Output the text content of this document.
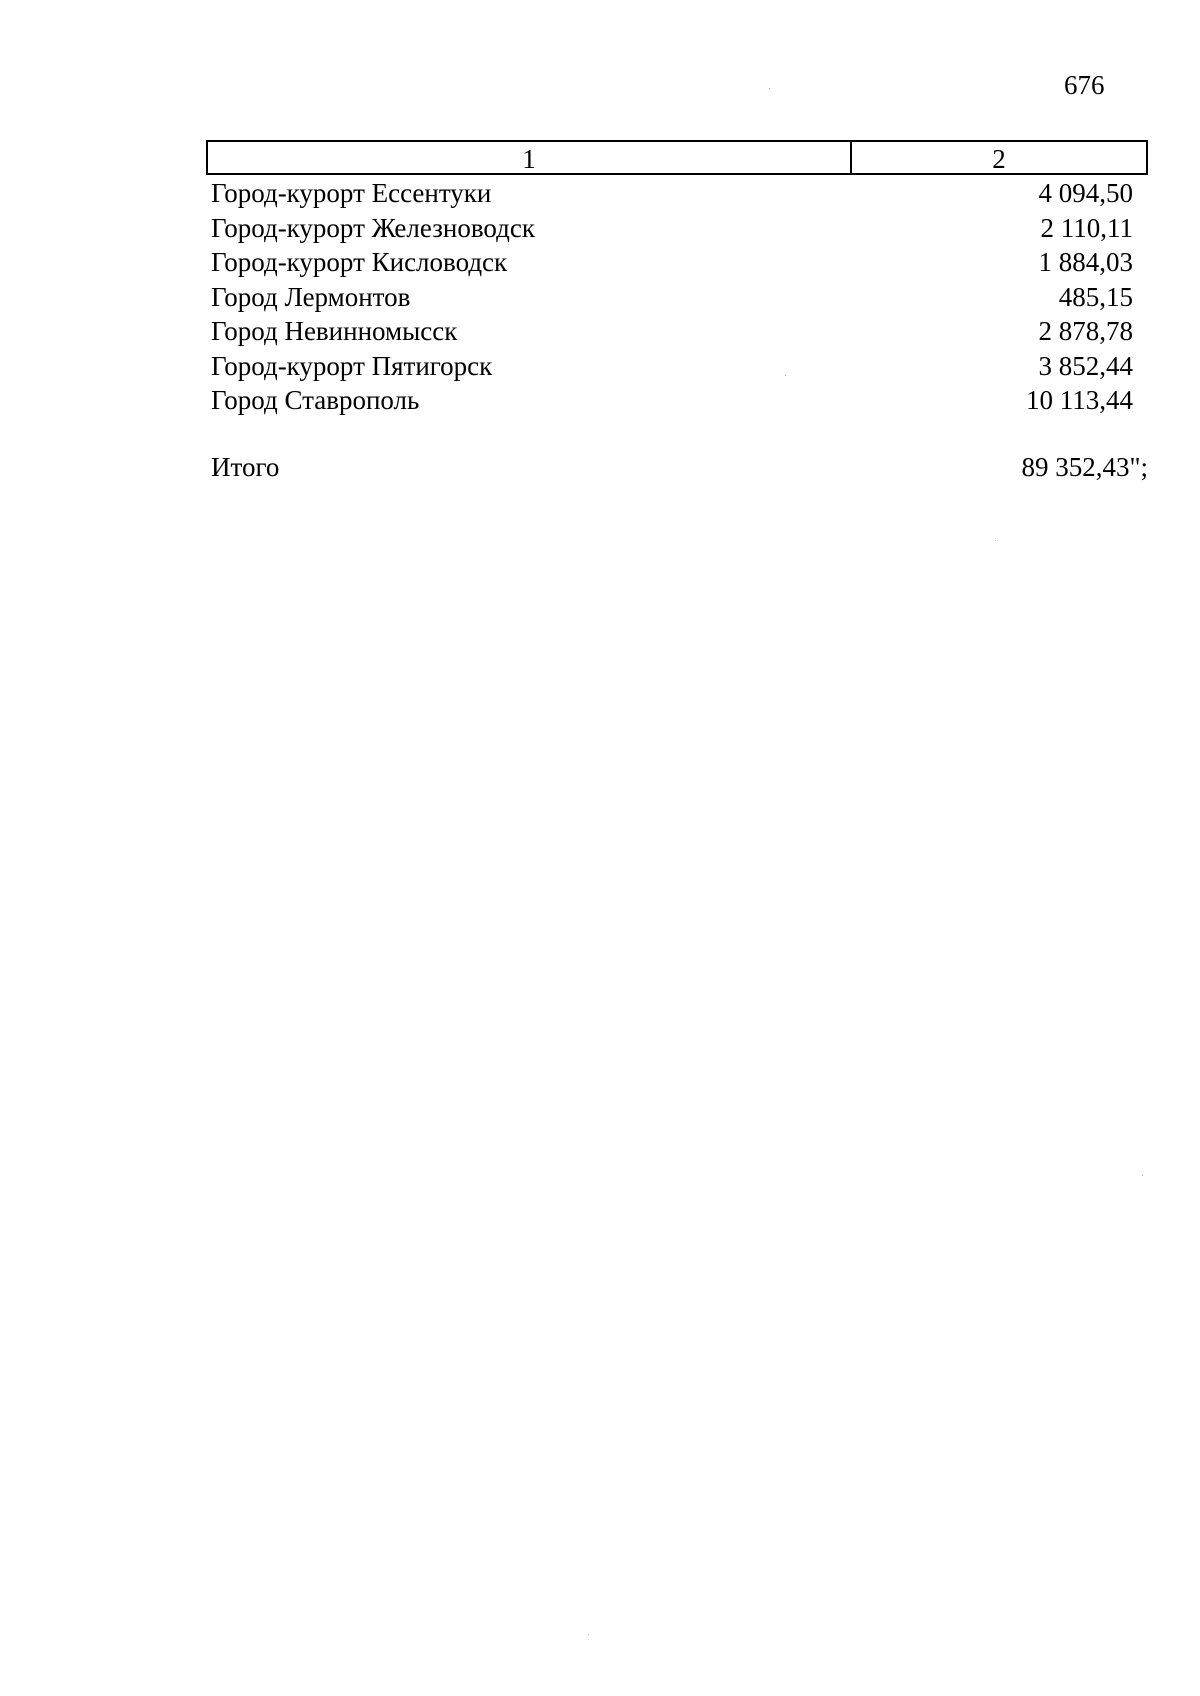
676
1	2
Город-курорт Ессентуки	4 094,50
Город-курорт Железноводск	2 110,11
Город-курорт Кисловодск	1 884,03
Город Лермонтов	485,15
Город Невинномысск	2 878,78
Город-курорт Пятигорск	3 852,44
Город Ставрополь	10 113,44
Итого	89 352,43";
